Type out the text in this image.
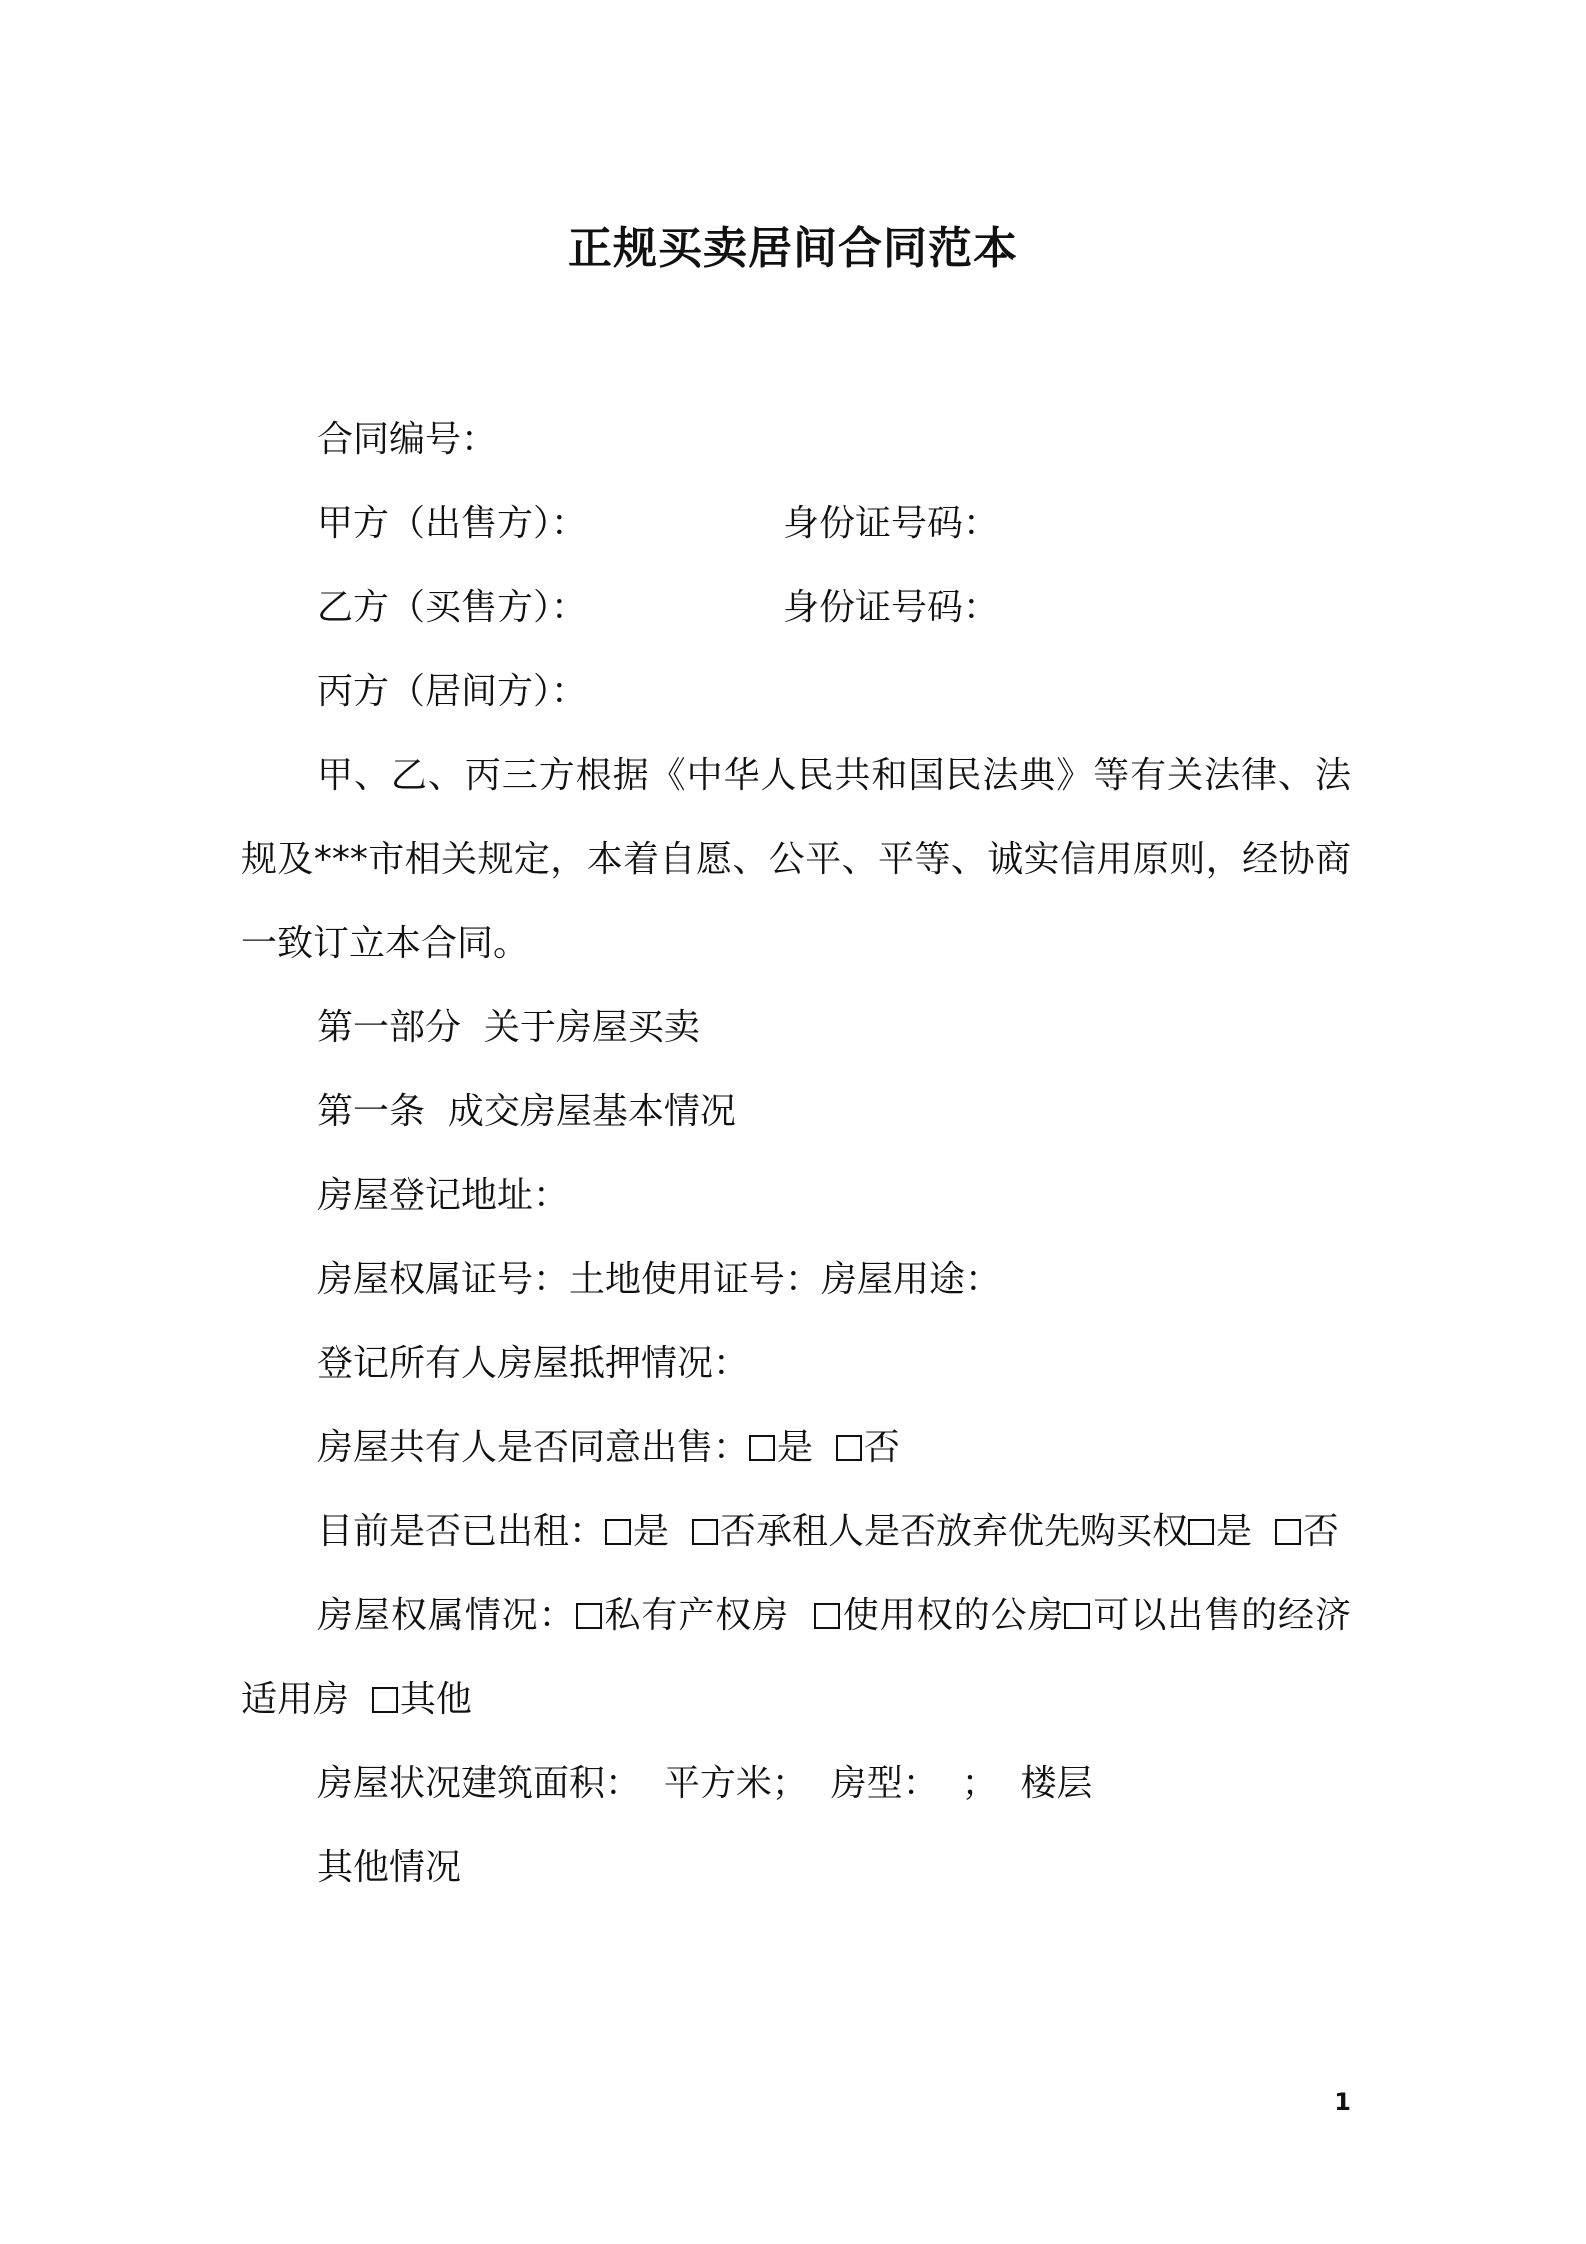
正规买卖居间合同范本

合同编号：

甲方（出售方）：	身份证号码：
乙方（买售方）：	身份证号码：

丙方（居间方）：

甲、乙、丙三方根据《中华人民共和国民法典》等有关法律、法规及***市相关规定，本着自愿、公平、平等、诚实信用原则，经协商一致订立本合同。

第一部分  关于房屋买卖

第一条  成交房屋基本情况

房屋登记地址：

房屋权属证号：土地使用证号：房屋用途：

登记所有人房屋抵押情况：

房屋共有人是否同意出售： 是 否

目前是否已出租： 是 否承租人是否放弃优先购买权 是 否

房屋权属情况： 私有产权房  使用权的公房 可以出售的经济适用房  其他

房屋状况建筑面积：  平方米；  房型：  ；  楼层

其他情况

1
